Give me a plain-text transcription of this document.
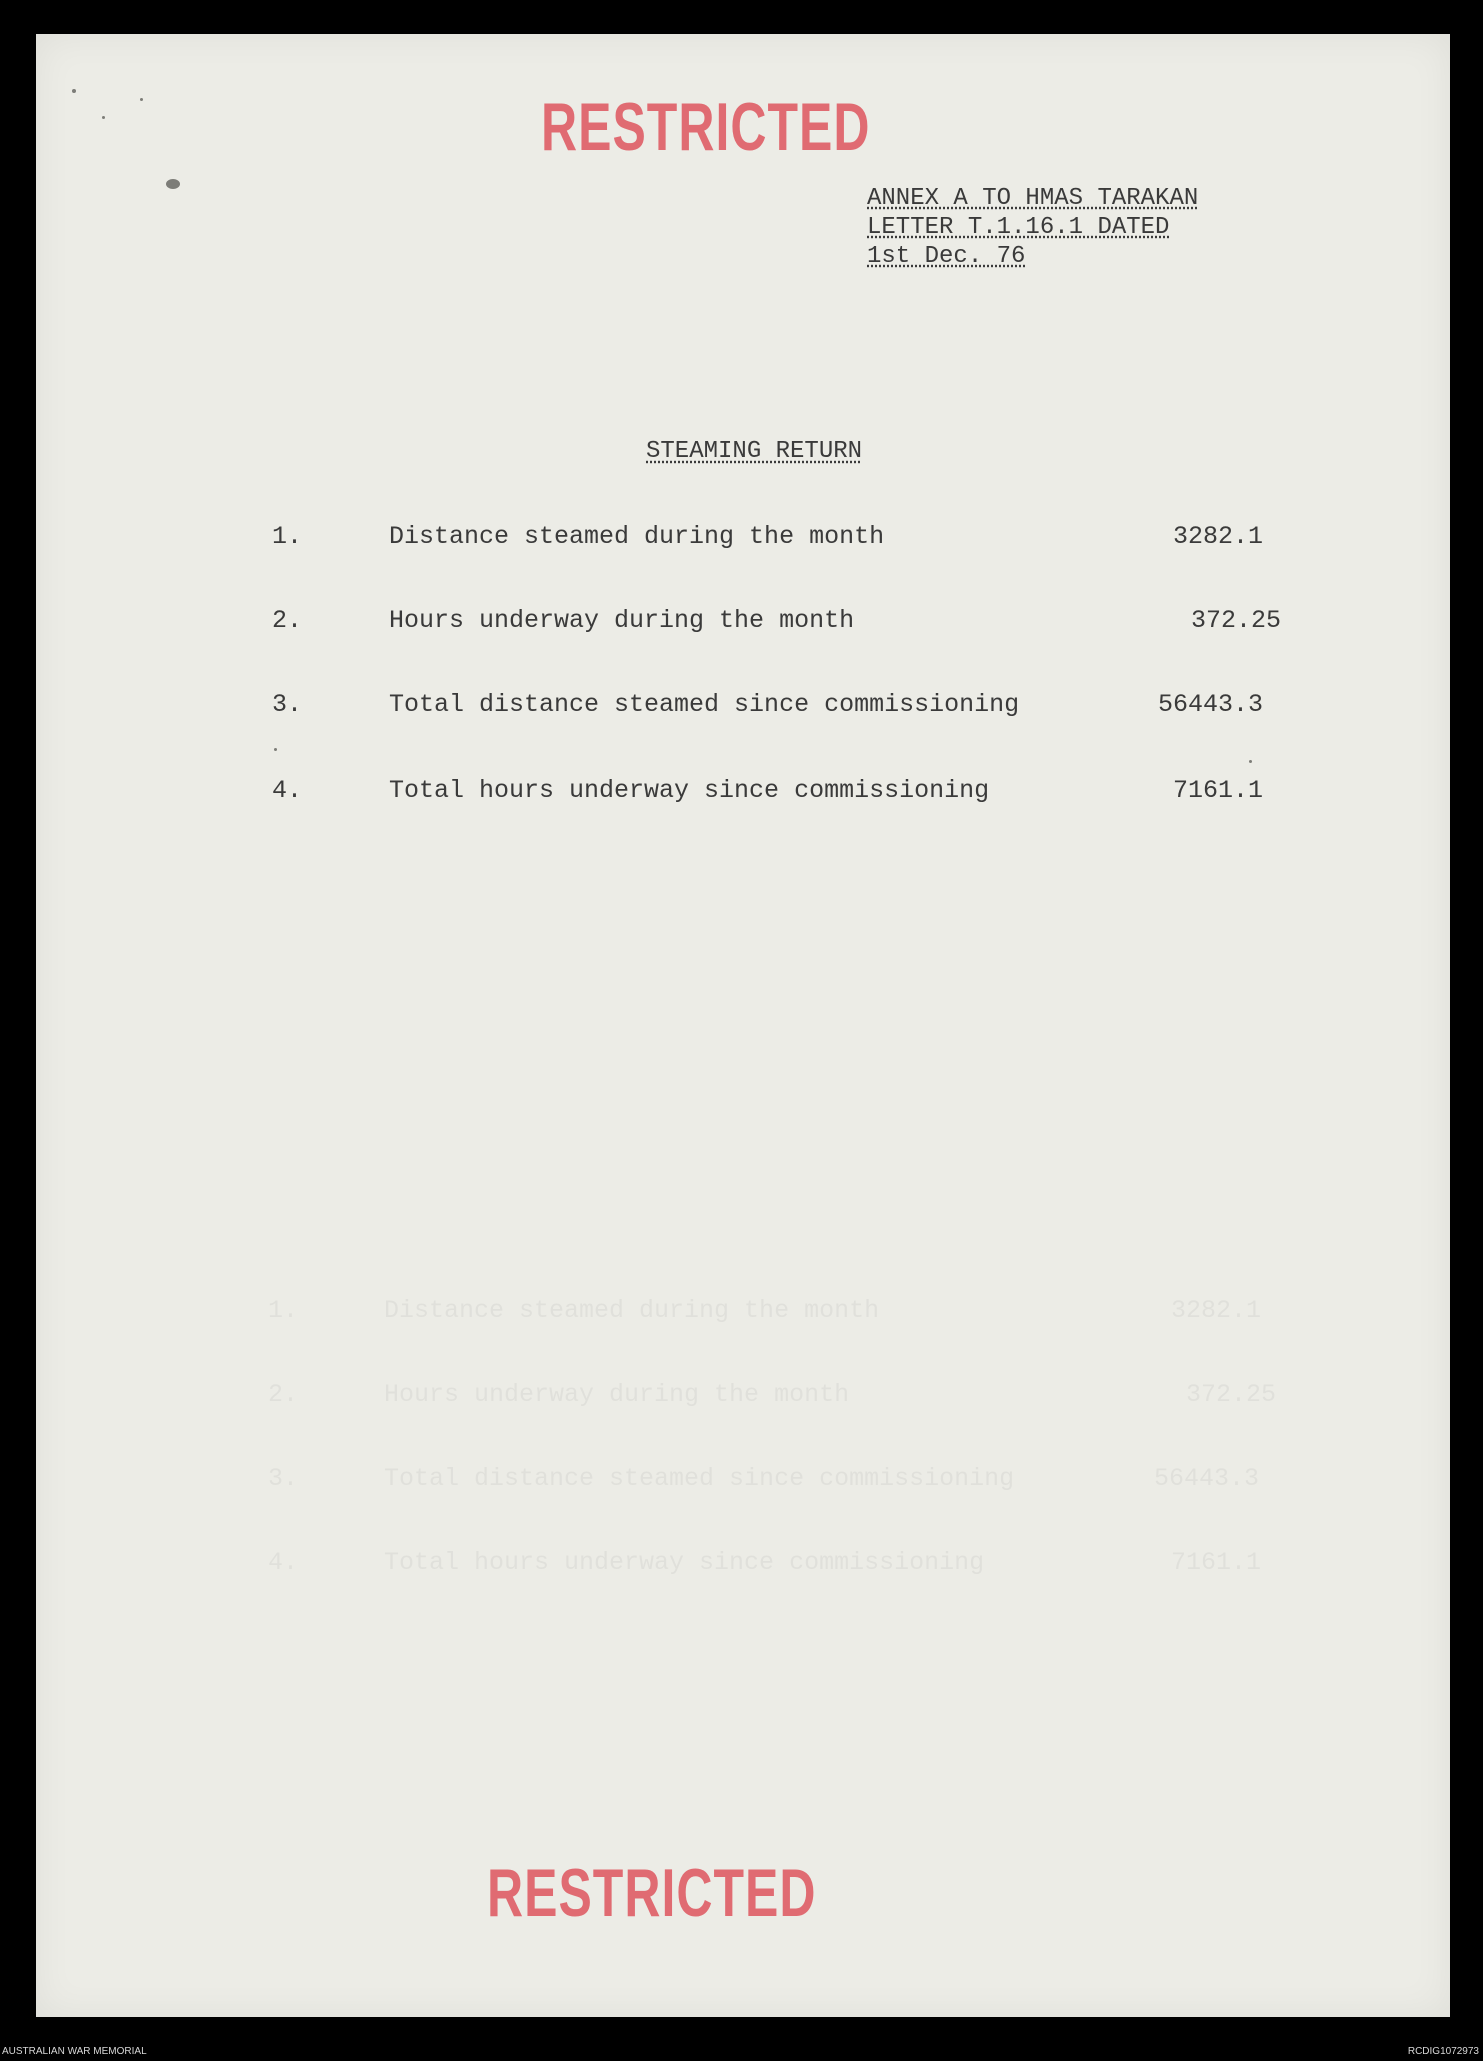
RESTRICTED
ANNEX A TO HMAS TARAKAN
LETTER T.1.16.1 DATED
1st Dec. 76
STEAMING RETURN
1.	Distance steamed during the month	3282.1
2.	Hours underway during the month	372.25
3.	Total distance steamed since commissioning	56443.3
4.	Total hours underway since commissioning	7161.1
1.	Distance steamed during the month	3282.1
2.	Hours underway during the month	372.25
3.	Total distance steamed since commissioning	56443.3
4.	Total hours underway since commissioning	7161.1
RESTRICTED
AUSTRALIAN WAR MEMORIAL	RCDIG1072973
